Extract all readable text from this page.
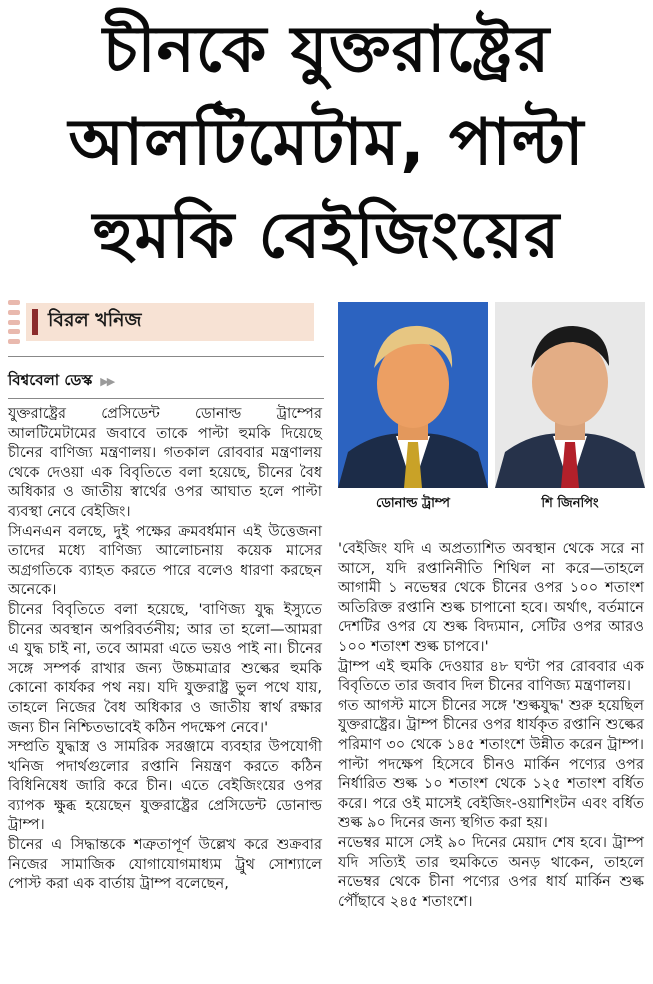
চীনকে যুক্তরাষ্ট্রের
আলটিমেটাম, পাল্টা
হুমকি বেইজিংয়ের
বিরল খনিজ
বিশ্ববেলা ডেস্ক ▶▶

যুক্তরাষ্ট্রের প্রেসিডেন্ট ডোনাল্ড ট্রাম্পের আলটিমেটামের জবাবে তাকে পাল্টা হুমকি দিয়েছে চীনের বাণিজ্য মন্ত্রণালয়। গতকাল রোববার মন্ত্রণালয় থেকে দেওয়া এক বিবৃতিতে বলা হয়েছে, চীনের বৈধ অধিকার ও জাতীয় স্বার্থের ওপর আঘাত হলে পাল্টা ব্যবস্থা নেবে বেইজিং।

সিএনএন বলছে, দুই পক্ষের ক্রমবর্ধমান এই উত্তেজনা তাদের মধ্যে বাণিজ্য আলোচনায় কয়েক মাসের অগ্রগতিকে ব্যাহত করতে পারে বলেও ধারণা করছেন অনেকে।

চীনের বিবৃতিতে বলা হয়েছে, 'বাণিজ্য যুদ্ধ ইস্যুতে চীনের অবস্থান অপরিবর্তনীয়; আর তা হলো—আমরা এ যুদ্ধ চাই না, তবে আমরা এতে ভয়ও পাই না। চীনের সঙ্গে সম্পর্ক রাখার জন্য উচ্চমাত্রার শুল্কের হুমকি কোনো কার্যকর পথ নয়। যদি যুক্তরাষ্ট্র ভুল পথে যায়, তাহলে নিজের বৈধ অধিকার ও জাতীয় স্বার্থ রক্ষার জন্য চীন নিশ্চিতভাবেই কঠিন পদক্ষেপ নেবে।'

সম্প্রতি যুদ্ধাস্ত্র ও সামরিক সরঞ্জামে ব্যবহার উপযোগী খনিজ পদার্থগুলোর রপ্তানি নিয়ন্ত্রণ করতে কঠিন বিধিনিষেধ জারি করে চীন। এতে বেইজিংয়ের ওপর ব্যাপক ক্ষুব্ধ হয়েছেন যুক্তরাষ্ট্রের প্রেসিডেন্ট ডোনাল্ড ট্রাম্প।

চীনের এ সিদ্ধান্তকে শত্রুতাপূর্ণ উল্লেখ করে শুক্রবার নিজের সামাজিক যোগাযোগমাধ্যম ট্রুথ সোশ্যালে পোস্ট করা এক বার্তায় ট্রাম্প বলেছেন,

ডোনাল্ড ট্রাম্প	শি জিনপিং

'বেইজিং যদি এ অপ্রত্যাশিত অবস্থান থেকে সরে না আসে, যদি রপ্তানিনীতি শিথিল না করে—তাহলে আগামী ১ নভেম্বর থেকে চীনের ওপর ১০০ শতাংশ অতিরিক্ত রপ্তানি শুল্ক চাপানো হবে। অর্থাৎ, বর্তমানে দেশটির ওপর যে শুল্ক বিদ্যমান, সেটির ওপর আরও ১০০ শতাংশ শুল্ক চাপবে।'

ট্রাম্প এই হুমকি দেওয়ার ৪৮ ঘণ্টা পর রোববার এক বিবৃতিতে তার জবাব দিল চীনের বাণিজ্য মন্ত্রণালয়।

গত আগস্ট মাসে চীনের সঙ্গে 'শুল্কযুদ্ধ' শুরু হয়েছিল যুক্তরাষ্ট্রের। ট্রাম্প চীনের ওপর ধার্যকৃত রপ্তানি শুল্কের পরিমাণ ৩০ থেকে ১৪৫ শতাংশে উন্নীত করেন ট্রাম্প। পাল্টা পদক্ষেপ হিসেবে চীনও মার্কিন পণ্যের ওপর নির্ধারিত শুল্ক ১০ শতাংশ থেকে ১২৫ শতাংশ বর্ধিত করে। পরে ওই মাসেই বেইজিং-ওয়াশিংটন এবং বর্ধিত শুল্ক ৯০ দিনের জন্য স্থগিত করা হয়।

নভেম্বর মাসে সেই ৯০ দিনের মেয়াদ শেষ হবে। ট্রাম্প যদি সত্যিই তার হুমকিতে অনড় থাকেন, তাহলে নভেম্বর থেকে চীনা পণ্যের ওপর ধার্য মার্কিন শুল্ক পৌঁছাবে ২৪৫ শতাংশে।
